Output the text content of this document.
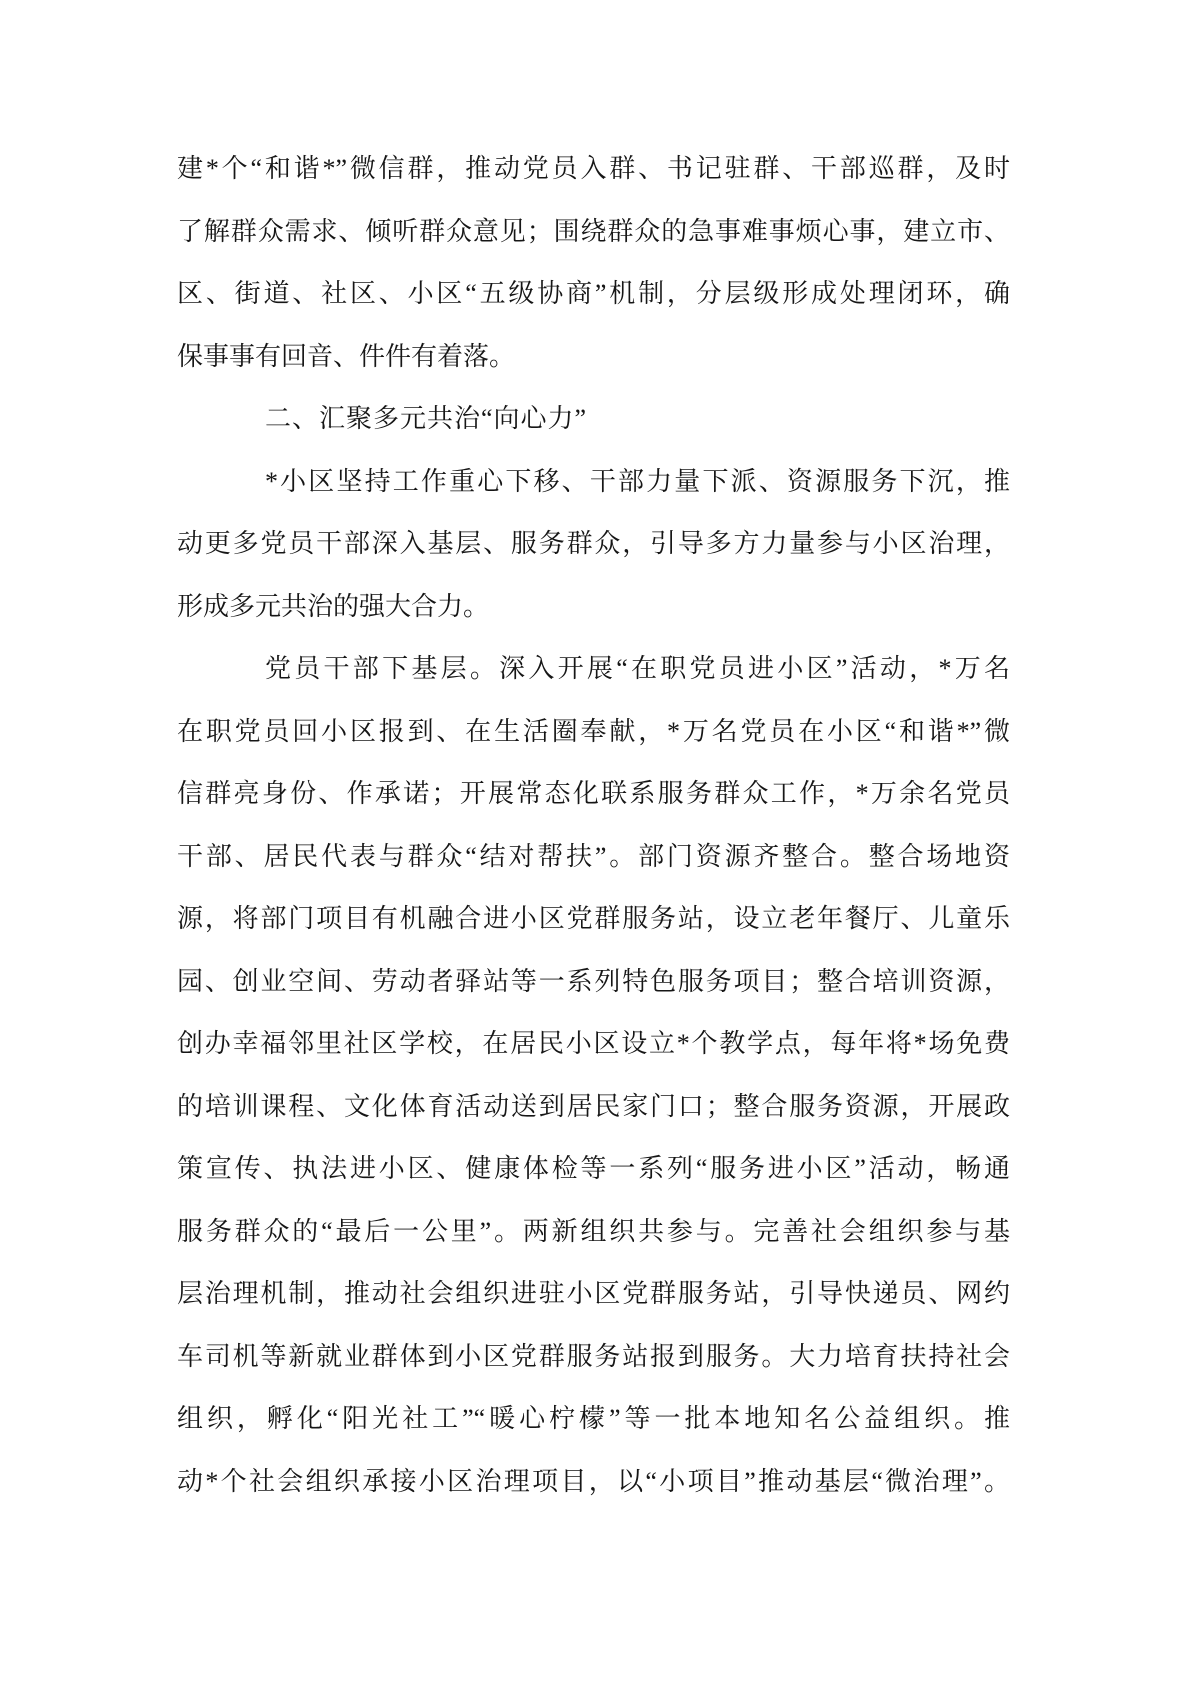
建*个“和谐*”微信群，推动党员入群、书记驻群、干部巡群，及时
了解群众需求、倾听群众意见；围绕群众的急事难事烦心事，建立市、
区、街道、社区、小区“五级协商”机制，分层级形成处理闭环，确
保事事有回音、件件有着落。
二、汇聚多元共治“向心力”
*小区坚持工作重心下移、干部力量下派、资源服务下沉，推
动更多党员干部深入基层、服务群众，引导多方力量参与小区治理，
形成多元共治的强大合力。
党员干部下基层。深入开展“在职党员进小区”活动，*万名
在职党员回小区报到、在生活圈奉献，*万名党员在小区“和谐*”微
信群亮身份、作承诺；开展常态化联系服务群众工作，*万余名党员
干部、居民代表与群众“结对帮扶”。部门资源齐整合。整合场地资
源，将部门项目有机融合进小区党群服务站，设立老年餐厅、儿童乐
园、创业空间、劳动者驿站等一系列特色服务项目；整合培训资源，
创办幸福邻里社区学校，在居民小区设立*个教学点，每年将*场免费
的培训课程、文化体育活动送到居民家门口；整合服务资源，开展政
策宣传、执法进小区、健康体检等一系列“服务进小区”活动，畅通
服务群众的“最后一公里”。两新组织共参与。完善社会组织参与基
层治理机制，推动社会组织进驻小区党群服务站，引导快递员、网约
车司机等新就业群体到小区党群服务站报到服务。大力培育扶持社会
组织，孵化“阳光社工”“暖心柠檬”等一批本地知名公益组织。推
动*个社会组织承接小区治理项目，以“小项目”推动基层“微治理”。
